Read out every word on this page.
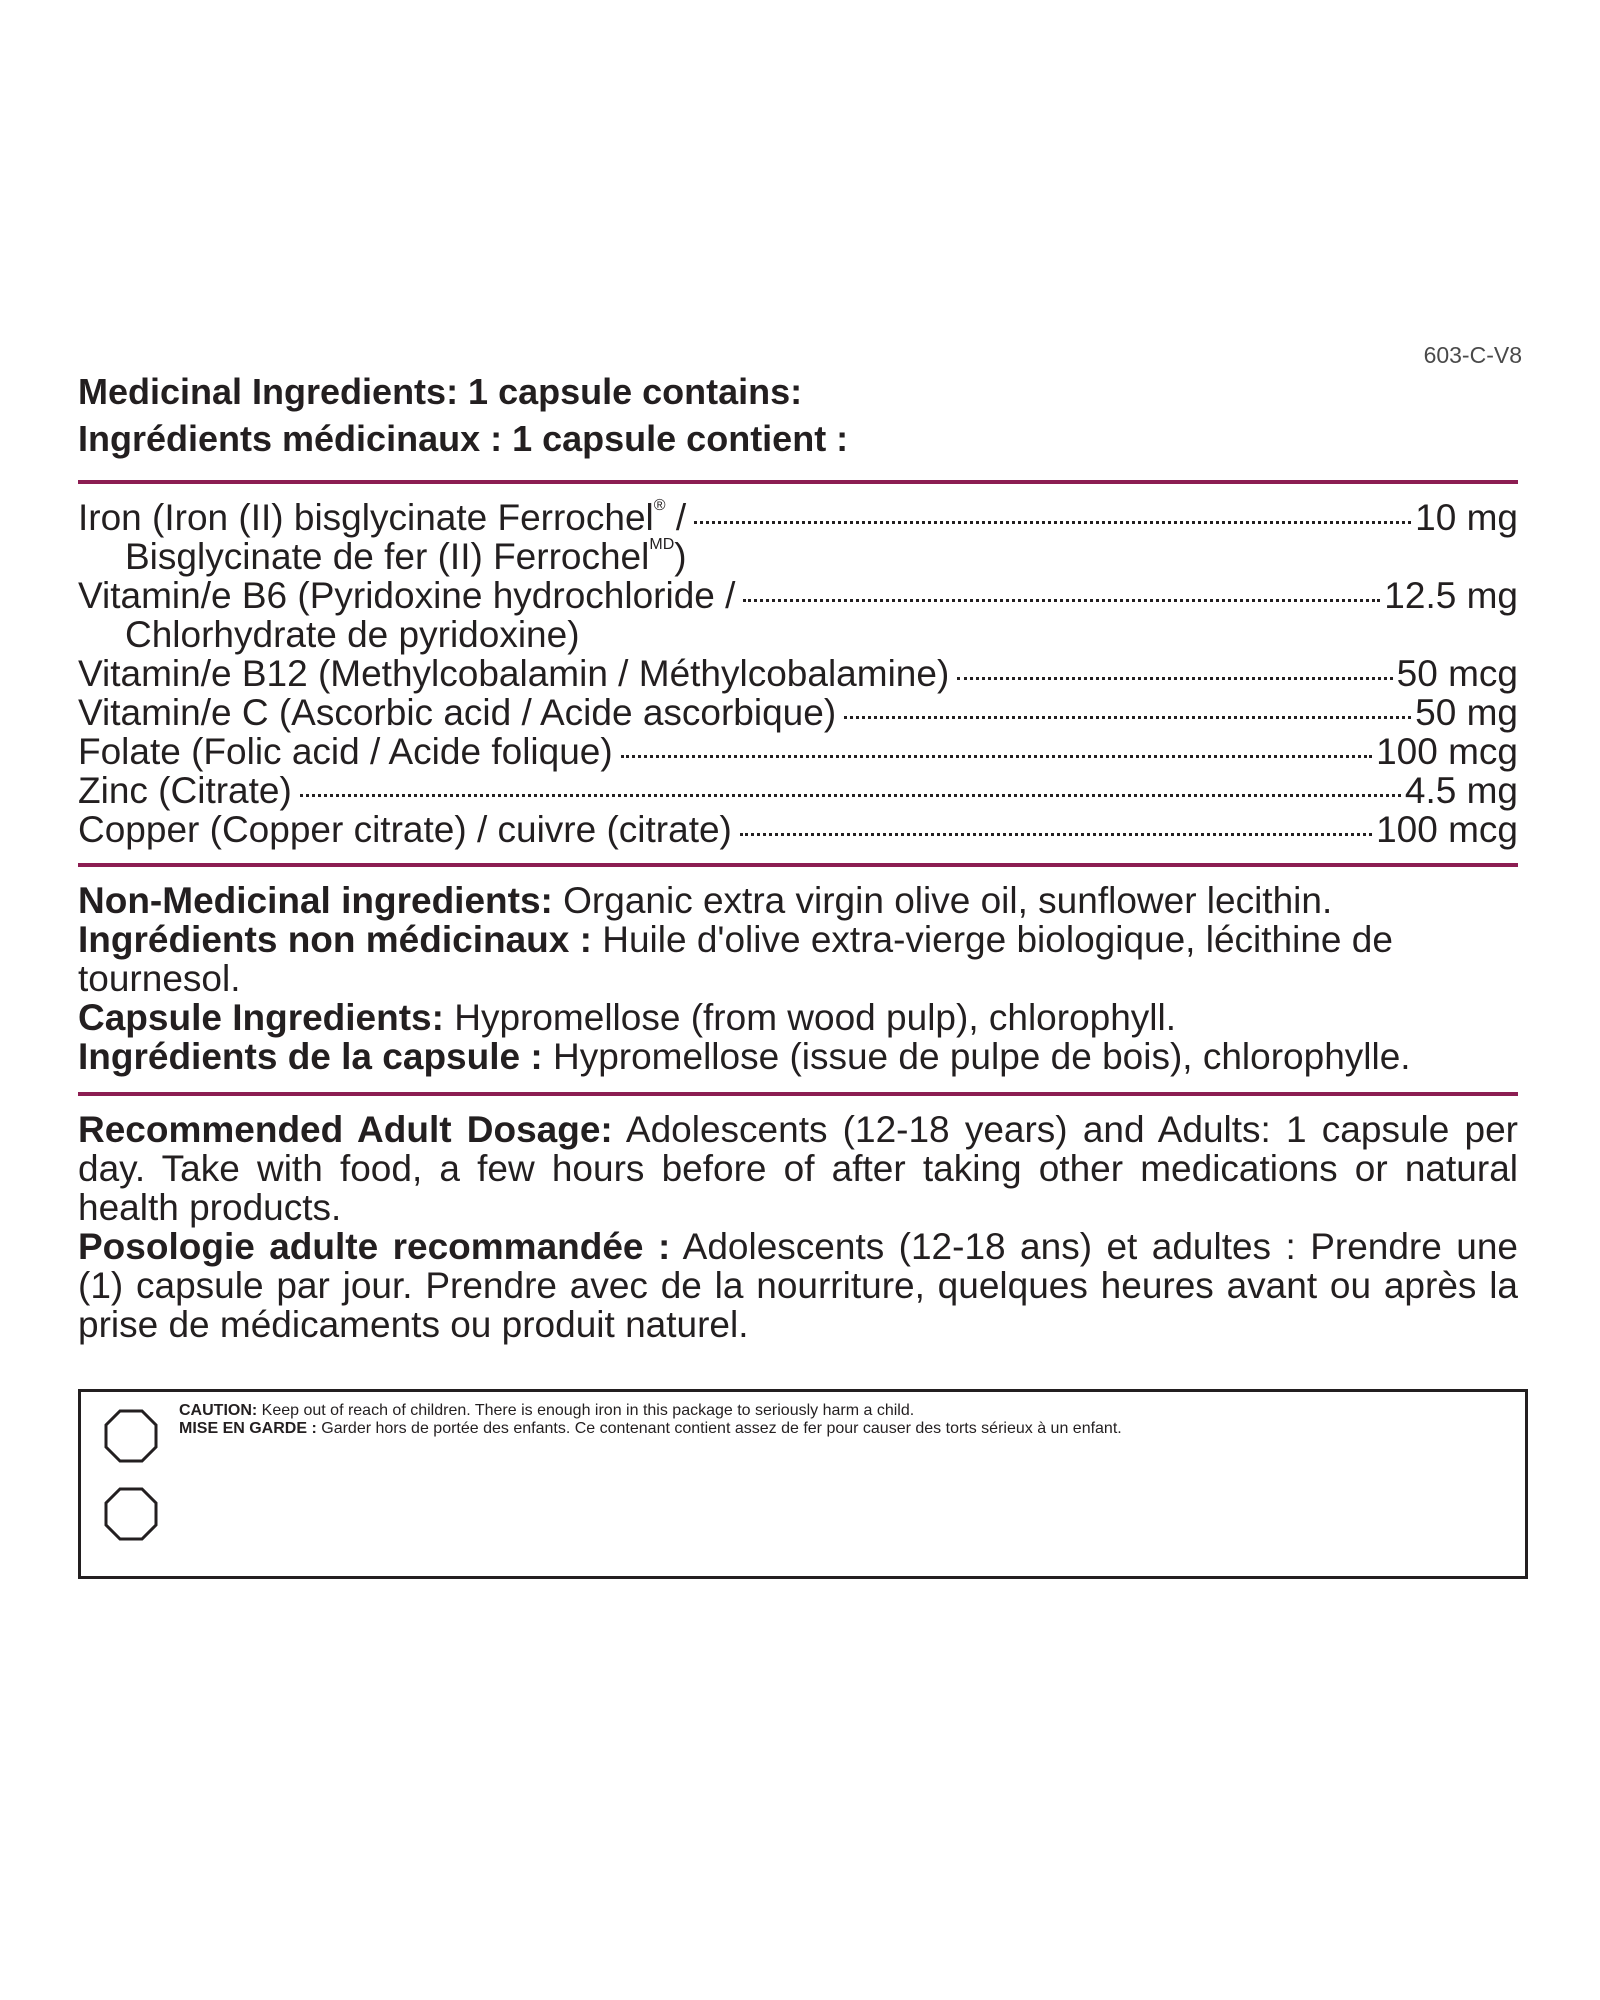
603-C-V8
Medicinal Ingredients: 1 capsule contains:
Ingrédients médicinaux : 1 capsule contient :
Iron (Iron (II) bisglycinate Ferrochel® /	10 mg
Bisglycinate de fer (II) Ferrochel$^{MD}$)
Vitamin/e B6 (Pyridoxine hydrochloride /	12.5 mg
Chlorhydrate de pyridoxine)
Vitamin/e B12 (Methylcobalamin / Méthylcobalamine)	50 mcg
Vitamin/e C (Ascorbic acid / Acide ascorbique)	50 mg
Folate (Folic acid / Acide folique)	100 mcg
Zinc (Citrate)	4.5 mg
Copper (Copper citrate) / cuivre (citrate)	100 mcg

Non-Medicinal ingredients: Organic extra virgin olive oil, sunflower lecithin.

Ingrédients non médicinaux : Huile d'olive extra-vierge biologique, lécithine de tournesol.

Capsule Ingredients: Hypromellose (from wood pulp), chlorophyll.

Ingrédients de la capsule : Hypromellose (issue de pulpe de bois), chlorophylle.

Recommended Adult Dosage: Adolescents (12-18 years) and Adults: 1 capsule per day. Take with food, a few hours before of after taking other medications or natural health products.

Posologie adulte recommandée : Adolescents (12-18 ans) et adultes : Prendre une (1) capsule par jour. Prendre avec de la nourriture, quelques heures avant ou après la prise de médicaments ou produit naturel.

CAUTION: Keep out of reach of children. There is enough iron in this package to seriously harm a child.

MISE EN GARDE : Garder hors de portée des enfants. Ce contenant contient assez de fer pour causer des torts sérieux à un enfant.
